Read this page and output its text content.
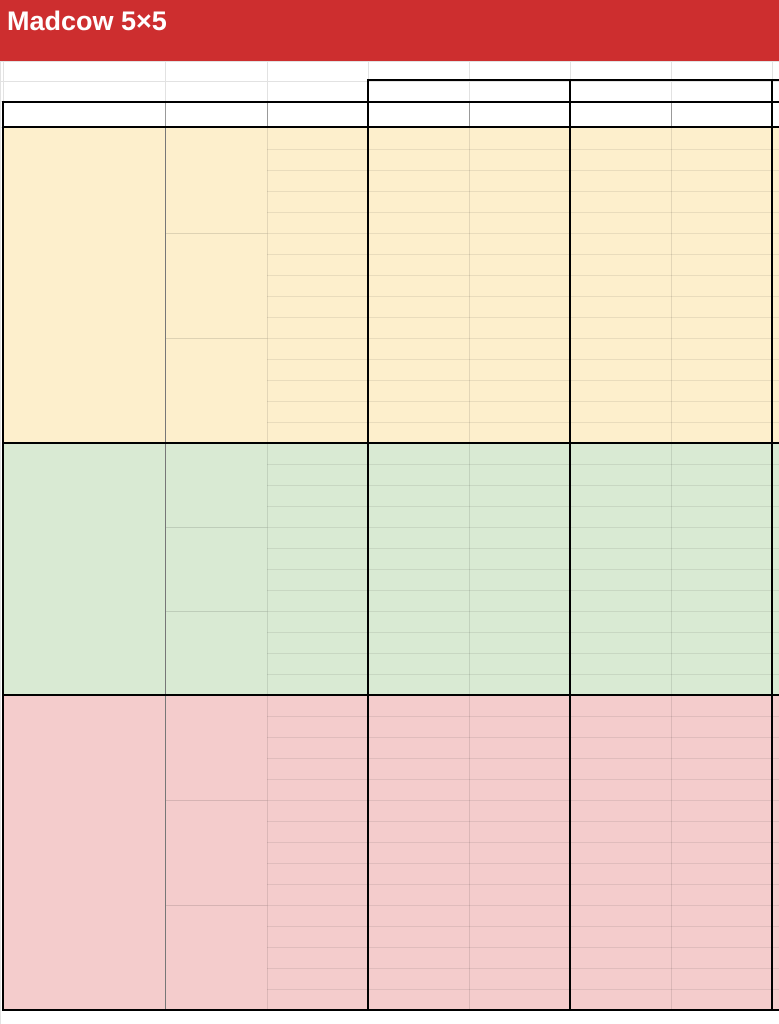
Madcow 5×5
